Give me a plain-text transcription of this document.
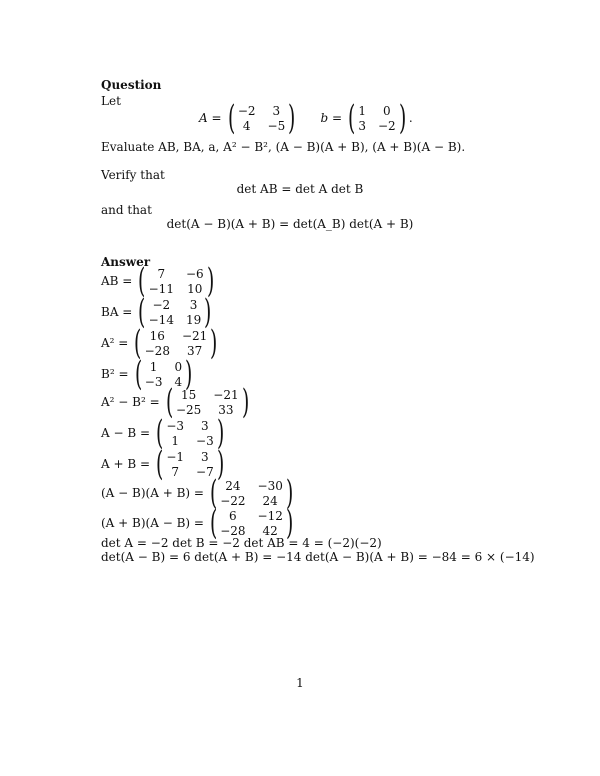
Question
Let
A = ( −2	3
4	−5 ) b = ( 1	0
3 −2 ) .
Evaluate AB, BA, a, A² − B², (A − B)(A + B), (A + B)(A − B).
Verify that
det AB = det A det B
and that
det(A − B)(A + B) = det(A_B) det(A + B)
Answer
AB = ( 7	−6
−11 10 )
BA = ( −2	3
−14 19 )
A² = ( 16	−21
−28	37 )
B² = ( 1	0
−3 4 )
A² − B² = ( 15	−21
−25	33 )
A − B = ( −3	3
1	−3 )
A + B = ( −1	3
7	−7 )
(A − B)(A + B) = ( 24	−30
−22	24 )
(A + B)(A − B) = ( 6	−12
−28	42 )
det A = −2 det B = −2 det AB = 4 = (−2)(−2)
det(A − B) = 6 det(A + B) = −14 det(A − B)(A + B) = −84 = 6 × (−14)
1
